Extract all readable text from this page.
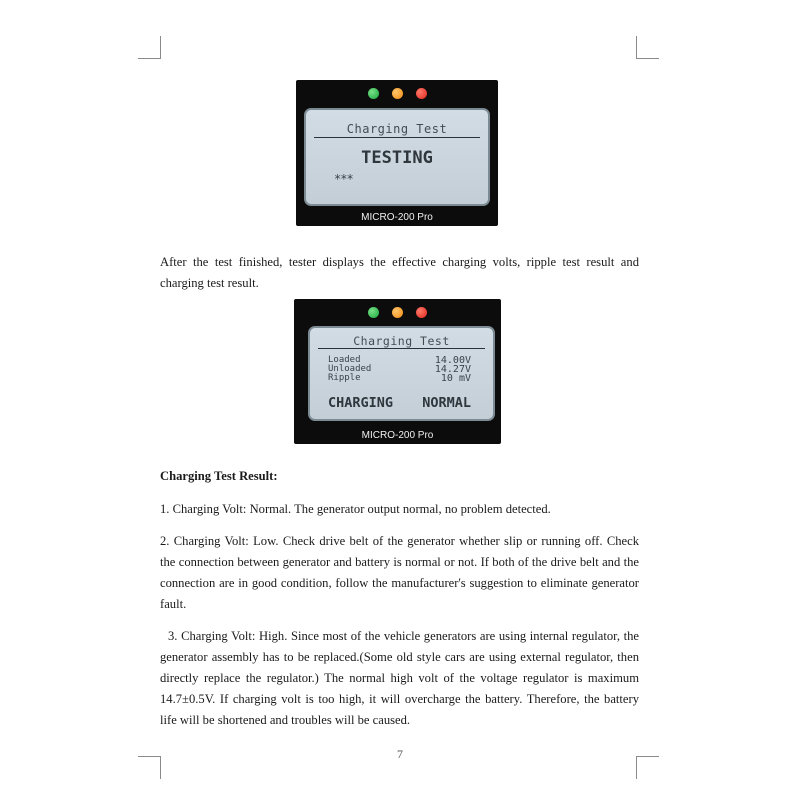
Charging Test
TESTING
***
MICRO-200 Pro

After the test finished, tester displays the effective charging volts, ripple test result and charging test result.

Charging Test
Loaded	14.00V
Unloaded	14.27V
Ripple	10 mV
CHARGING NORMAL
MICRO-200 Pro

Charging Test Result:

1. Charging Volt: Normal. The generator output normal, no problem detected.

2. Charging Volt: Low. Check drive belt of the generator whether slip or running off. Check the connection between generator and battery is normal or not. If both of the drive belt and the connection are in good condition, follow the manufacturer's suggestion to eliminate generator fault.

3. Charging Volt: High. Since most of the vehicle generators are using internal regulator, the generator assembly has to be replaced.(Some old style cars are using external regulator, then directly replace the regulator.) The normal high volt of the voltage regulator is maximum 14.7±0.5V. If charging volt is too high, it will overcharge the battery. Therefore, the battery life will be shortened and troubles will be caused.

7
